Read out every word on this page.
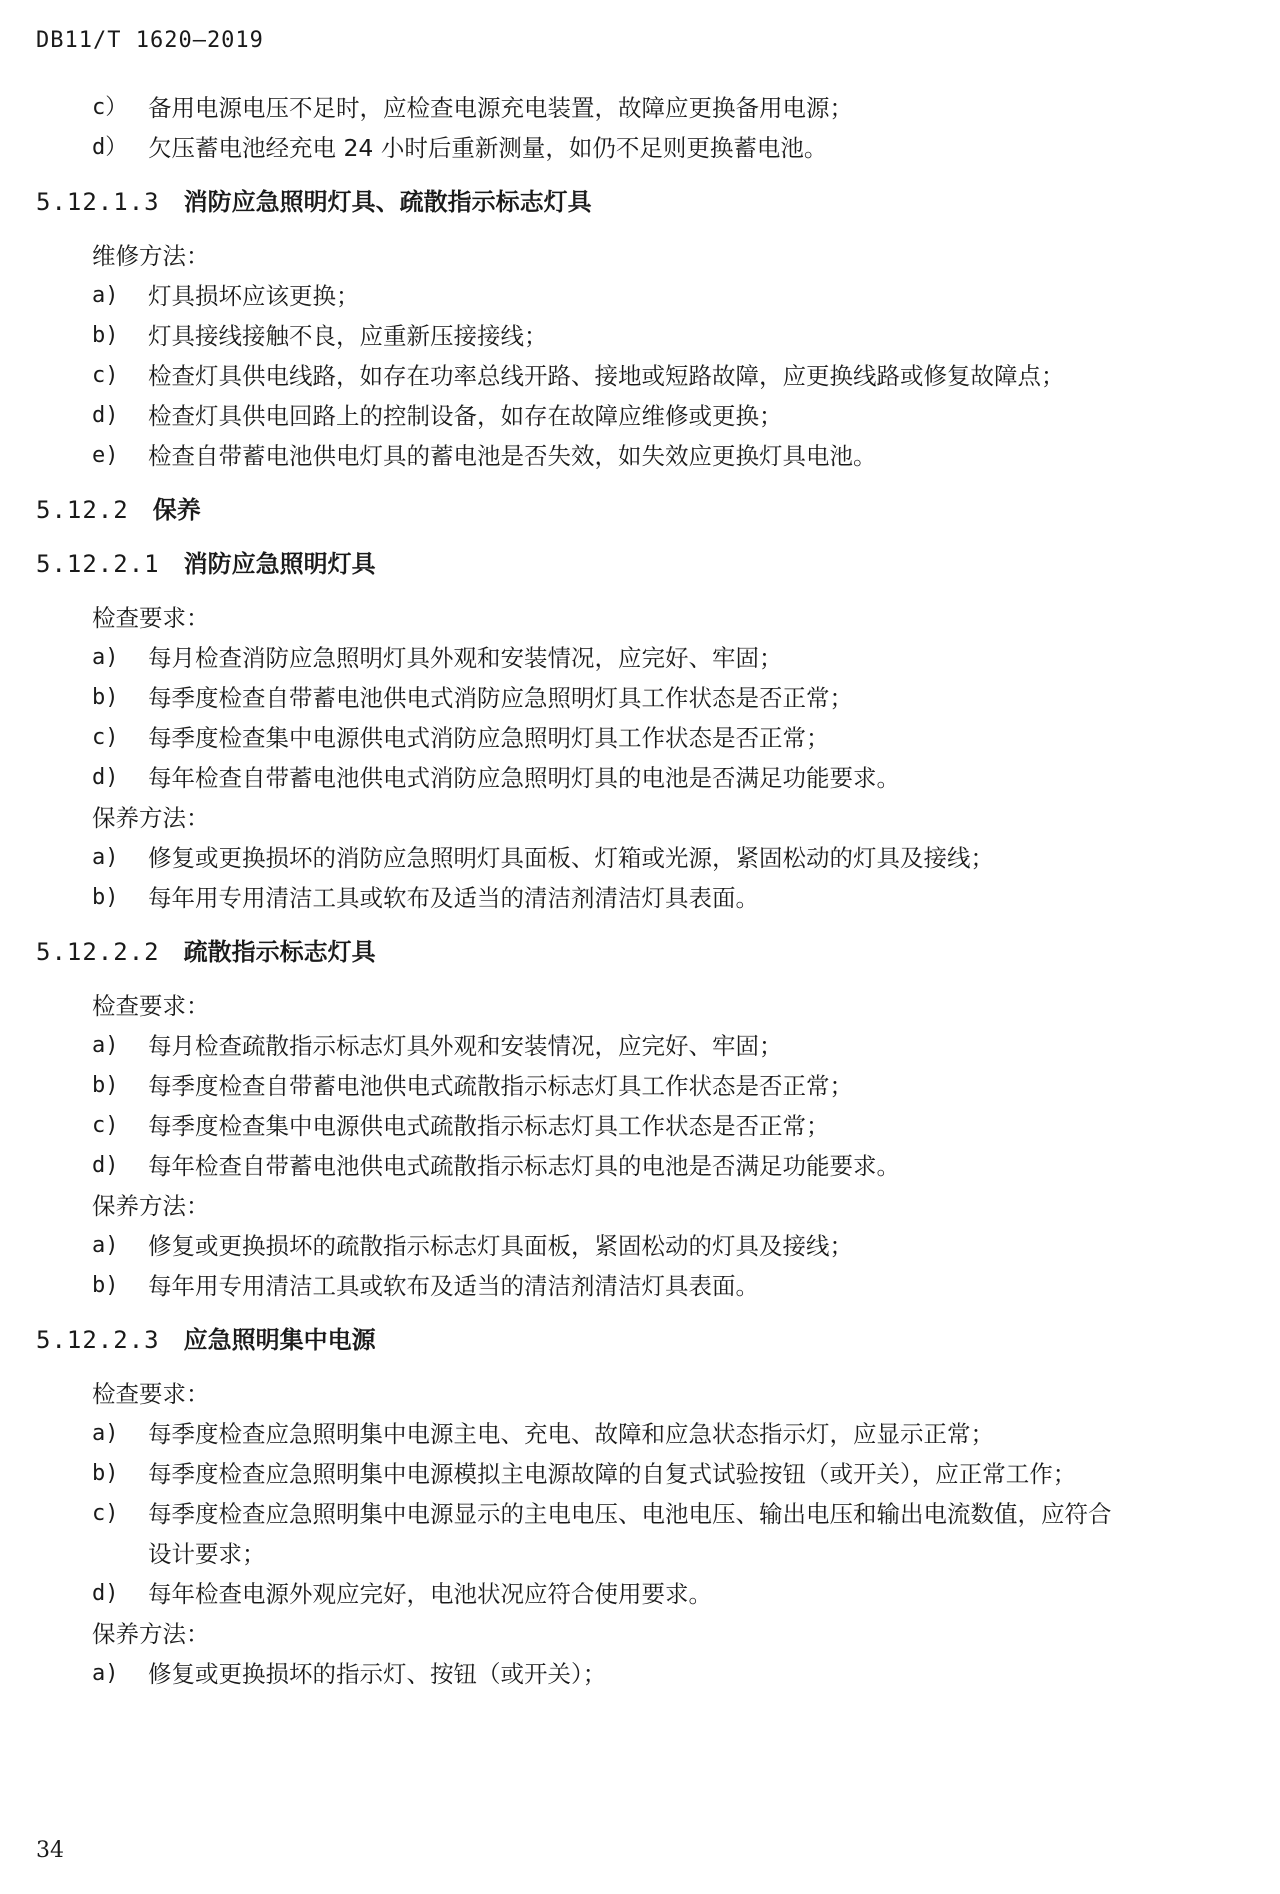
DB11/T 1620—2019
c） 备用电源电压不足时，应检查电源充电装置，故障应更换备用电源；
d） 欠压蓄电池经充电 24 小时后重新测量，如仍不足则更换蓄电池。
5.12.1.3 消防应急照明灯具、疏散指示标志灯具
维修方法：
a)	灯具损坏应该更换；
b)	灯具接线接触不良，应重新压接接线；
c)	检查灯具供电线路，如存在功率总线开路、接地或短路故障，应更换线路或修复故障点；
d)	检查灯具供电回路上的控制设备，如存在故障应维修或更换；
e)	检查自带蓄电池供电灯具的蓄电池是否失效，如失效应更换灯具电池。
5.12.2 保养
5.12.2.1 消防应急照明灯具
检查要求：
a)	每月检查消防应急照明灯具外观和安装情况，应完好、牢固；
b)	每季度检查自带蓄电池供电式消防应急照明灯具工作状态是否正常；
c)	每季度检查集中电源供电式消防应急照明灯具工作状态是否正常；
d)	每年检查自带蓄电池供电式消防应急照明灯具的电池是否满足功能要求。
保养方法：
a)	修复或更换损坏的消防应急照明灯具面板、灯箱或光源，紧固松动的灯具及接线；
b)	每年用专用清洁工具或软布及适当的清洁剂清洁灯具表面。
5.12.2.2 疏散指示标志灯具
检查要求：
a)	每月检查疏散指示标志灯具外观和安装情况，应完好、牢固；
b)	每季度检查自带蓄电池供电式疏散指示标志灯具工作状态是否正常；
c)	每季度检查集中电源供电式疏散指示标志灯具工作状态是否正常；
d)	每年检查自带蓄电池供电式疏散指示标志灯具的电池是否满足功能要求。
保养方法：
a)	修复或更换损坏的疏散指示标志灯具面板，紧固松动的灯具及接线；
b)	每年用专用清洁工具或软布及适当的清洁剂清洁灯具表面。
5.12.2.3 应急照明集中电源
检查要求：
a)	每季度检查应急照明集中电源主电、充电、故障和应急状态指示灯，应显示正常；
b)	每季度检查应急照明集中电源模拟主电源故障的自复式试验按钮（或开关），应正常工作；
c)	每季度检查应急照明集中电源显示的主电电压、电池电压、输出电压和输出电流数值，应符合
设计要求；
d)	每年检查电源外观应完好，电池状况应符合使用要求。
保养方法：
a)	修复或更换损坏的指示灯、按钮（或开关）；
34
